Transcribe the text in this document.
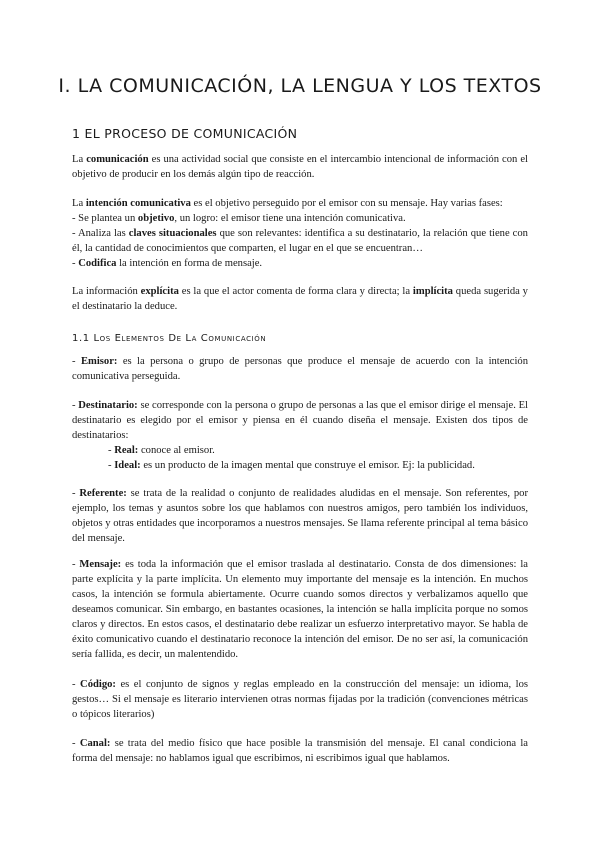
I. LA COMUNICACIÓN, LA LENGUA Y LOS TEXTOS
1 EL PROCESO DE COMUNICACIÓN

La comunicación es una actividad social que consiste en el intercambio intencional de información con el objetivo de producir en los demás algún tipo de reacción.

La intención comunicativa es el objetivo perseguido por el emisor con su mensaje. Hay varias fases:

- Se plantea un objetivo, un logro: el emisor tiene una intención comunicativa.

- Analiza las claves situacionales que son relevantes: identifica a su destinatario, la relación que tiene con él, la cantidad de conocimientos que comparten, el lugar en el que se encuentran…

- Codifica la intención en forma de mensaje.

La información explícita es la que el actor comenta de forma clara y directa; la implícita queda sugerida y el destinatario la deduce.

1.1 Los Elementos De La Comunicación

- Emisor: es la persona o grupo de personas que produce el mensaje de acuerdo con la intención comunicativa perseguida.

- Destinatario: se corresponde con la persona o grupo de personas a las que el emisor dirige el mensaje. El destinatario es elegido por el emisor y piensa en él cuando diseña el mensaje. Existen dos tipos de destinatarios:

- Real: conoce al emisor.

- Ideal: es un producto de la imagen mental que construye el emisor. Ej: la publicidad.

- Referente: se trata de la realidad o conjunto de realidades aludidas en el mensaje. Son referentes, por ejemplo, los temas y asuntos sobre los que hablamos con nuestros amigos, pero también los individuos, objetos y otras entidades que incorporamos a nuestros mensajes. Se llama referente principal al tema básico del mensaje.

- Mensaje: es toda la información que el emisor traslada al destinatario. Consta de dos dimensiones: la parte explícita y la parte implícita. Un elemento muy importante del mensaje es la intención. En muchos casos, la intención se formula abiertamente. Ocurre cuando somos directos y verbalizamos aquello que deseamos comunicar. Sin embargo, en bastantes ocasiones, la intención se halla implícita porque no somos claros y directos. En estos casos, el destinatario debe realizar un esfuerzo interpretativo mayor. Se habla de éxito comunicativo cuando el destinatario reconoce la intención del emisor. De no ser así, la comunicación sería fallida, es decir, un malentendido.

- Código: es el conjunto de signos y reglas empleado en la construcción del mensaje: un idioma, los gestos… Si el mensaje es literario intervienen otras normas fijadas por la tradición (convenciones métricas o tópicos literarios)

- Canal: se trata del medio físico que hace posible la transmisión del mensaje. El canal condiciona la forma del mensaje: no hablamos igual que escribimos, ni escribimos igual que hablamos.
